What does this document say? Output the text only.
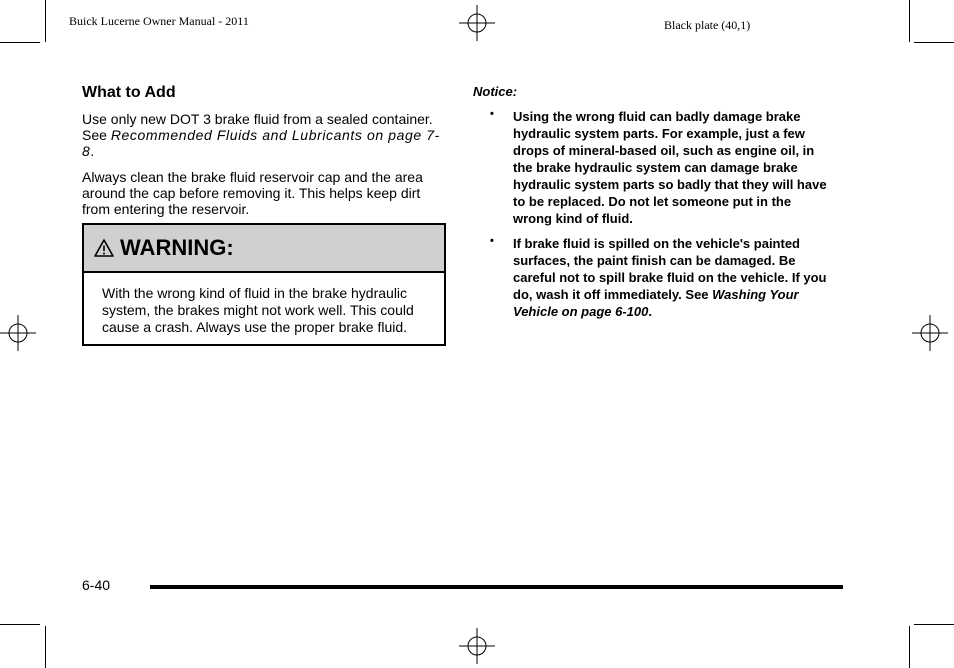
Buick Lucerne Owner Manual - 2011	Black plate (40,1)
What to Add

Use only new DOT 3 brake fluid from a sealed container. See Recommended Fluids and Lubricants on page 7-8.

Always clean the brake fluid reservoir cap and the area around the cap before removing it. This helps keep dirt from entering the reservoir.

WARNING:
With the wrong kind of fluid in the brake hydraulic system, the brakes might not work well. This could cause a crash. Always use the proper brake fluid.
Notice:
• Using the wrong fluid can badly damage brake hydraulic system parts. For example, just a few drops of mineral-based oil, such as engine oil, in the brake hydraulic system can damage brake hydraulic system parts so badly that they will have to be replaced. Do not let someone put in the wrong kind of fluid.
• If brake fluid is spilled on the vehicle's painted surfaces, the paint finish can be damaged. Be careful not to spill brake fluid on the vehicle. If you do, wash it off immediately. See Washing Your Vehicle on page 6-100.
6-40
